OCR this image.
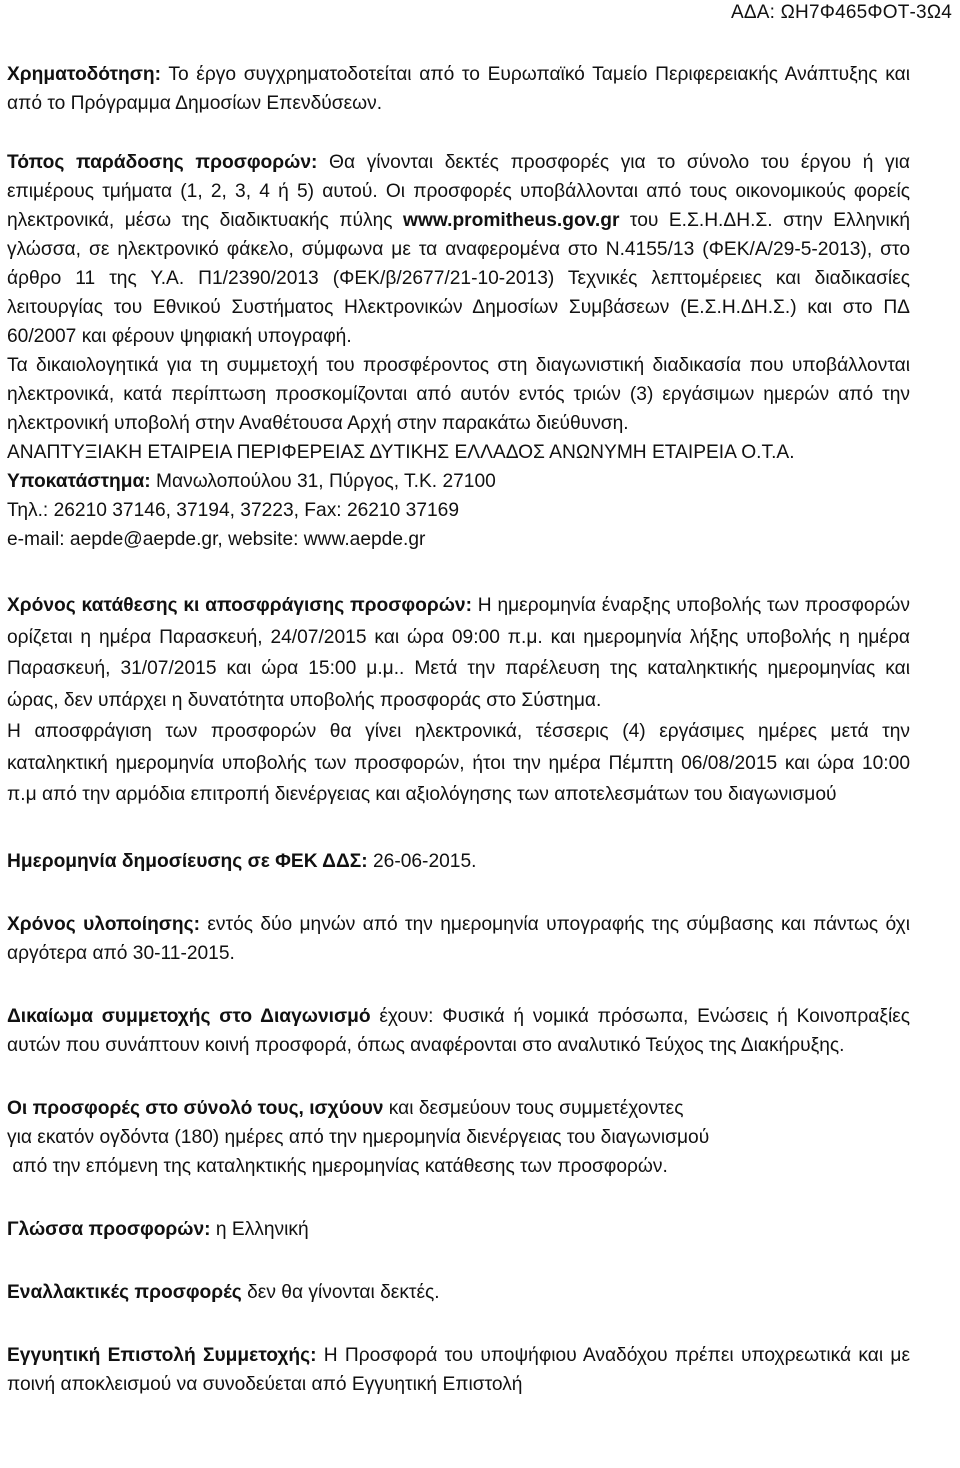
ΑΔΑ: ΩΗ7Φ465ΦΟΤ-3Ω4

Χρηματοδότηση: Το έργο συγχρηματοδοτείται από το Ευρωπαϊκό Ταμείο Περιφερειακής Ανάπτυξης και από το Πρόγραμμα Δημοσίων Επενδύσεων.

Τόπος παράδοσης προσφορών: Θα γίνονται δεκτές προσφορές για το σύνολο του έργου ή για επιμέρους τμήματα (1, 2, 3, 4 ή 5) αυτού. Οι προσφορές υποβάλλονται από τους οικονομικούς φορείς ηλεκτρονικά, μέσω της διαδικτυακής πύλης www.promitheus.gov.gr του Ε.Σ.Η.ΔΗ.Σ. στην Ελληνική γλώσσα, σε ηλεκτρονικό φάκελο, σύμφωνα με τα αναφερομένα στο Ν.4155/13 (ΦΕΚ/Α/29-5-2013), στο άρθρο 11 της Υ.Α. Π1/2390/2013 (ΦΕΚ/β/2677/21-10-2013) Τεχνικές λεπτομέρειες και διαδικασίες λειτουργίας του Εθνικού Συστήματος Ηλεκτρονικών Δημοσίων Συμβάσεων (Ε.Σ.Η.ΔΗ.Σ.) και στο ΠΔ 60/2007 και φέρουν ψηφιακή υπογραφή.

Τα δικαιολογητικά για τη συμμετοχή του προσφέροντος στη διαγωνιστική διαδικασία που υποβάλλονται ηλεκτρονικά, κατά περίπτωση προσκομίζονται από αυτόν εντός τριών (3) εργάσιμων ημερών από την ηλεκτρονική υποβολή στην Αναθέτουσα Αρχή στην παρακάτω διεύθυνση.

ΑΝΑΠΤΥΞΙΑΚΗ ΕΤΑΙΡΕΙΑ ΠΕΡΙΦΕΡΕΙΑΣ ΔΥΤΙΚΗΣ ΕΛΛΑΔΟΣ ΑΝΩΝΥΜΗ ΕΤΑΙΡΕΙΑ Ο.Τ.Α.

Υποκατάστημα: Μανωλοπούλου 31, Πύργος, Τ.Κ. 27100

Τηλ.: 26210 37146, 37194, 37223, Fax: 26210 37169

e-mail: aepde@aepde.gr, website: www.aepde.gr

Χρόνος κατάθεσης κι αποσφράγισης προσφορών: Η ημερομηνία έναρξης υποβολής των προσφορών ορίζεται η ημέρα Παρασκευή, 24/07/2015 και ώρα 09:00 π.μ. και ημερομηνία λήξης υποβολής η ημέρα Παρασκευή, 31/07/2015 και ώρα 15:00 μ.μ.. Μετά την παρέλευση της καταληκτικής ημερομηνίας και ώρας, δεν υπάρχει η δυνατότητα υποβολής προσφοράς στο Σύστημα.

Η αποσφράγιση των προσφορών θα γίνει ηλεκτρονικά, τέσσερις (4) εργάσιμες ημέρες μετά την καταληκτική ημερομηνία υποβολής των προσφορών, ήτοι την ημέρα Πέμπτη 06/08/2015 και ώρα 10:00 π.μ από την αρμόδια επιτροπή διενέργειας και αξιολόγησης των αποτελεσμάτων του διαγωνισμού

Ημερομηνία δημοσίευσης σε ΦΕΚ ΔΔΣ: 26-06-2015.

Χρόνος υλοποίησης: εντός δύο μηνών από την ημερομηνία υπογραφής της σύμβασης και πάντως όχι αργότερα από 30-11-2015.

Δικαίωμα συμμετοχής στο Διαγωνισμό έχουν: Φυσικά ή νομικά πρόσωπα, Ενώσεις ή Κοινοπραξίες αυτών που συνάπτουν κοινή προσφορά, όπως αναφέρονται στο αναλυτικό Τεύχος της Διακήρυξης.

Οι προσφορές στο σύνολό τους, ισχύουν και δεσμεύουν τους συμμετέχοντες

για εκατόν ογδόντα (180) ημέρες από την ημερομηνία διενέργειας του διαγωνισμού

από την επόμενη της καταληκτικής ημερομηνίας κατάθεσης των προσφορών.

Γλώσσα προσφορών: η Ελληνική

Εναλλακτικές προσφορές δεν θα γίνονται δεκτές.

Εγγυητική Επιστολή Συμμετοχής: Η Προσφορά του υποψήφιου Αναδόχου πρέπει υποχρεωτικά και με ποινή αποκλεισμού να συνοδεύεται από Εγγυητική Επιστολή
